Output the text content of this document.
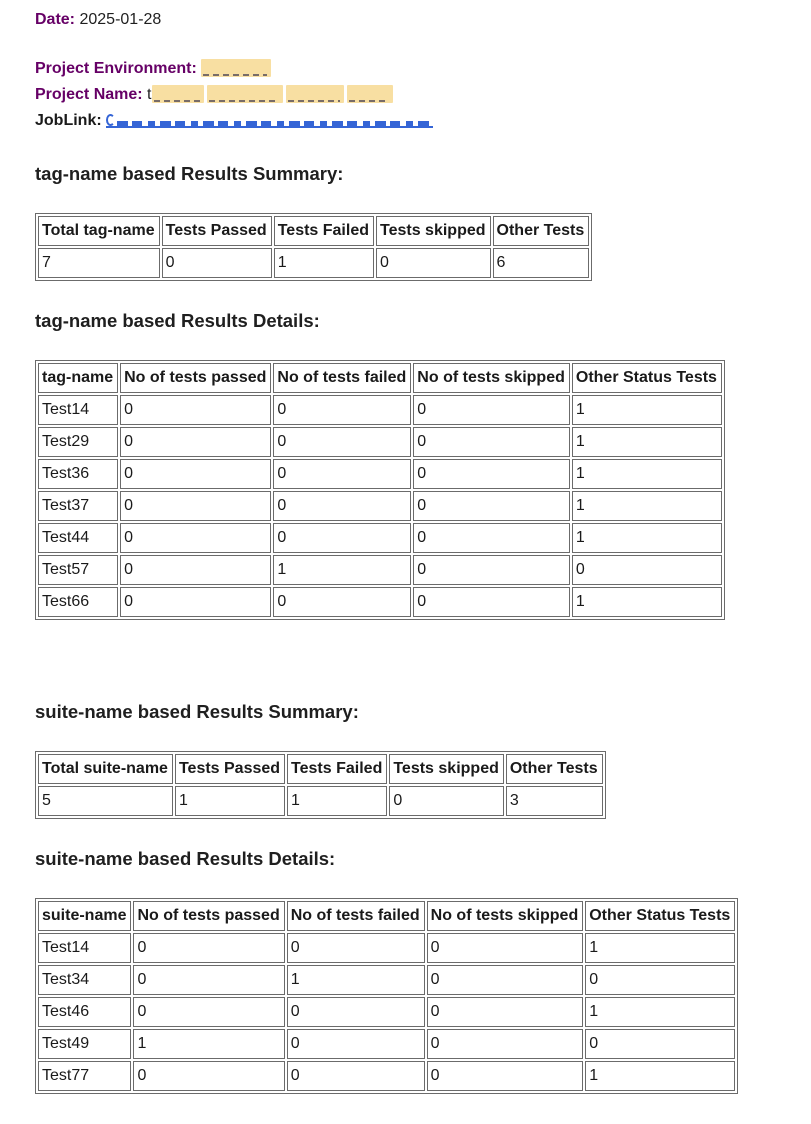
Date: 2025-01-28

Project Environment:

Project Name: t

JobLink:

tag-name based Results Summary:
Total tag-name	Tests Passed	Tests Failed	Tests skipped	Other Tests
7	0	1	0	6
tag-name based Results Details:
tag-name	No of tests passed	No of tests failed	No of tests skipped	Other Status Tests
Test14	0	0	0	1
Test29	0	0	0	1
Test36	0	0	0	1
Test37	0	0	0	1
Test44	0	0	0	1
Test57	0	1	0	0
Test66	0	0	0	1
suite-name based Results Summary:
Total suite-name	Tests Passed	Tests Failed	Tests skipped	Other Tests
5	1	1	0	3
suite-name based Results Details:
suite-name	No of tests passed	No of tests failed	No of tests skipped	Other Status Tests
Test14	0	0	0	1
Test34	0	1	0	0
Test46	0	0	0	1
Test49	1	0	0	0
Test77	0	0	0	1
